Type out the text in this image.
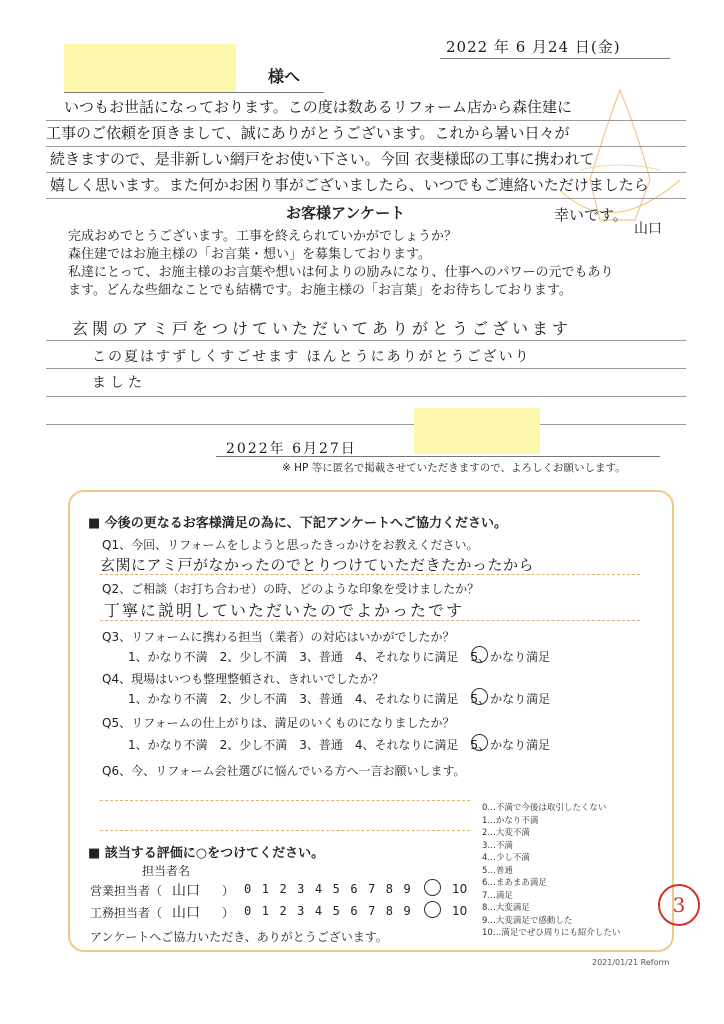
2022 年 6 月24 日(金)
様へ
いつもお世話になっております。この度は数あるリフォーム店から森住建に
工事のご依頼を頂きまして、誠にありがとうございます。これから暑い日々が
続きますので、是非新しい網戸をお使い下さい。今回 衣斐様邸の工事に携われて
嬉しく思います。また何かお困り事がございましたら、いつでもご連絡いただけましたら
幸いです。
山口
お客様アンケート
完成おめでとうございます。工事を終えられていかがでしょうか？
森住建ではお施主様の「お言葉・想い」を募集しております。
私達にとって、お施主様のお言葉や想いは何よりの励みになり、仕事へのパワーの元でもあり
ます。どんな些細なことでも結構です。お施主様の「お言葉」をお待ちしております。
玄関のアミ戸をつけていただいてありがとうございます
この夏はすずしくすごせます ほんとうにありがとうございり
ました
2022年 6月27日
※ HP 等に匿名で掲載させていただきますので、よろしくお願いします。
■ 今後の更なるお客様満足の為に、下記アンケートへご協力ください。
Q1、今回、リフォームをしようと思ったきっかけをお教えください。
玄関にアミ戸がなかったのでとりつけていただきたかったから
Q2、ご相談（お打ち合わせ）の時、どのような印象を受けましたか？
丁寧に説明していただいたのでよかったです
Q3、リフォームに携わる担当（業者）の対応はいかがでしたか？
1、かなり不満　2、少し不満　3、普通　4、それなりに満足　5、かなり満足
Q4、現場はいつも整理整頓され、きれいでしたか？
1、かなり不満　2、少し不満　3、普通　4、それなりに満足　5、かなり満足
Q5、リフォームの仕上がりは、満足のいくものになりましたか？
1、かなり不満　2、少し不満　3、普通　4、それなりに満足　5、かなり満足
Q6、今、リフォーム会社選びに悩んでいる方へ一言お願いします。
0…不満で今後は取引したくない
1…かなり不満
2…大変不満
3…不満
4…少し不満
5…普通
6…まあまあ満足
7…満足
8…大変満足
9…大変満足で感動した
10…満足でぜひ周りにも紹介したい
■ 該当する評価に○をつけてください。
担当者名
営業担当者（ 山口 ） 0123456789	10
工務担当者（ 山口 ） 0123456789	10
アンケートへご協力いただき、ありがとうございます。
3
2021/01/21 Reform
